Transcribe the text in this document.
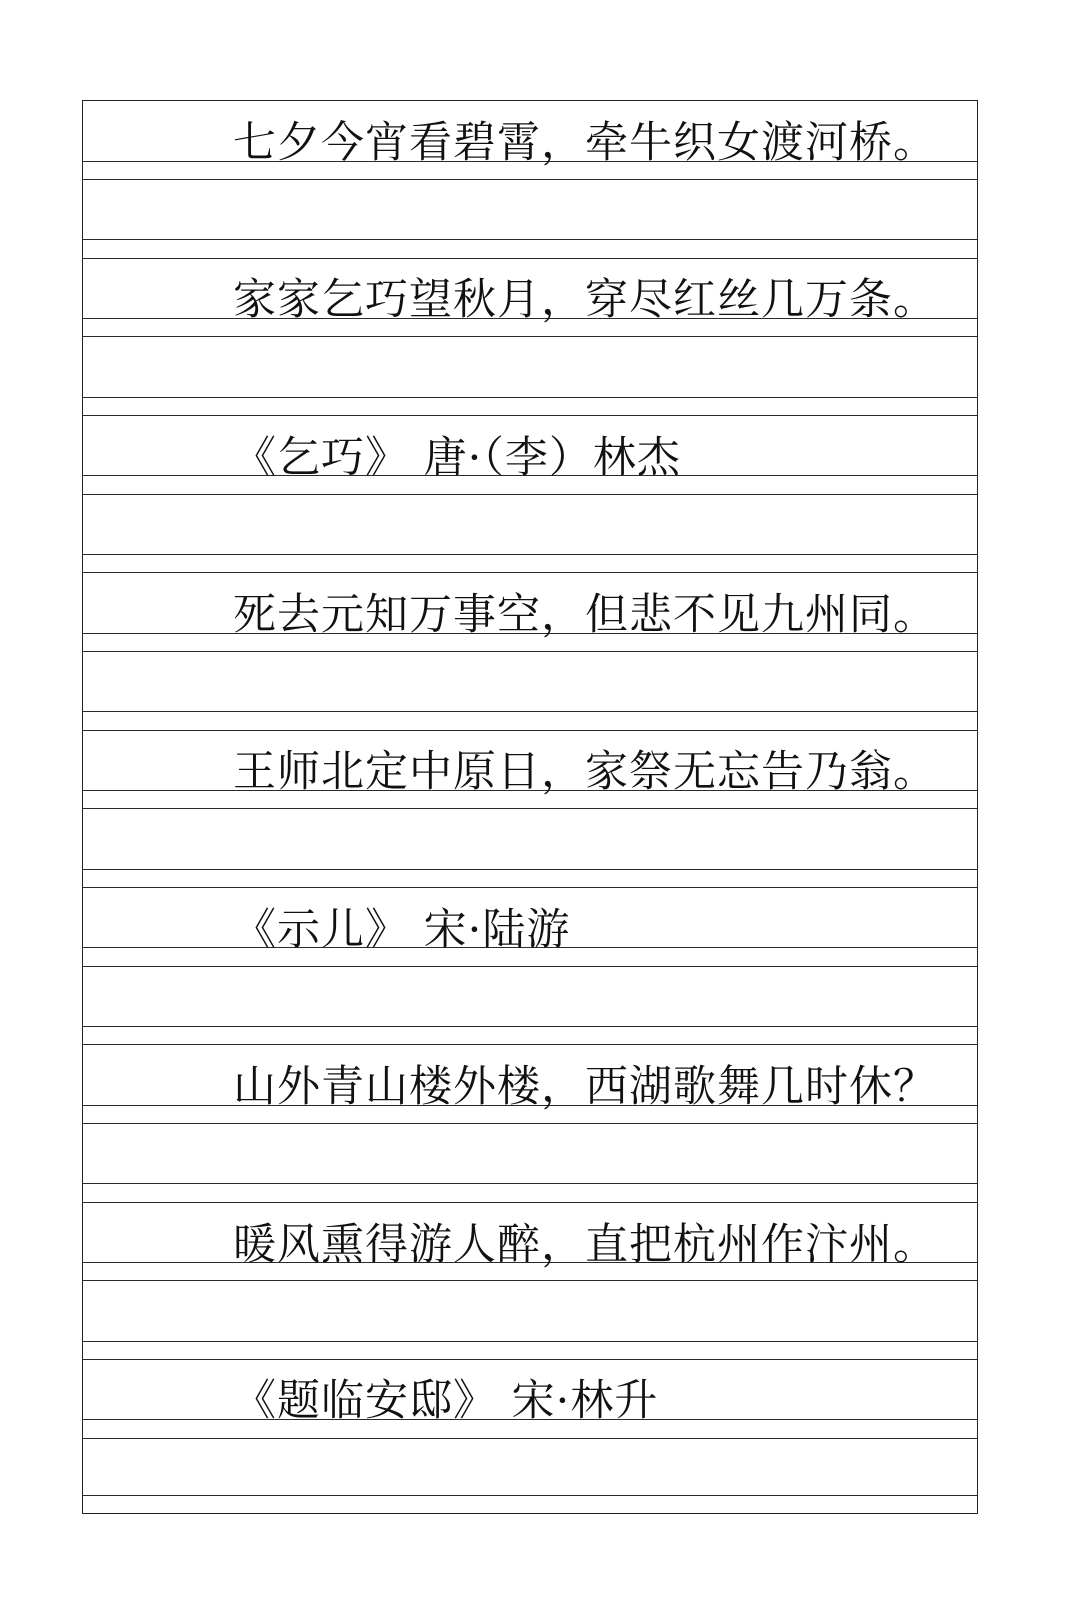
七夕今宵看碧霄，牵牛织女渡河桥。
家家乞巧望秋月，穿尽红丝几万条。
《乞巧》 唐·（李）林杰
死去元知万事空，但悲不见九州同。
王师北定中原日，家祭无忘告乃翁。
《示儿》 宋·陆游
山外青山楼外楼，西湖歌舞几时休？
暖风熏得游人醉，直把杭州作汴州。
《题临安邸》 宋·林升
